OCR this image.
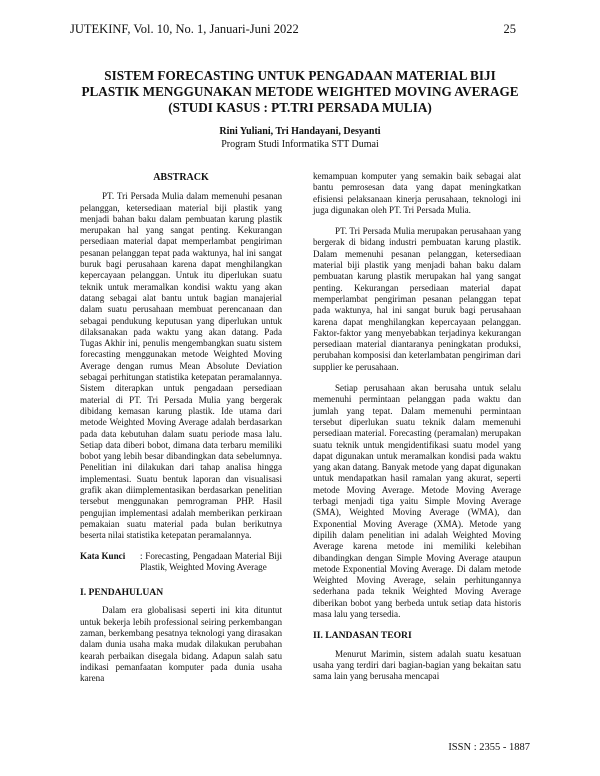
JUTEKINF, Vol. 10, No. 1, Januari-Juni 2022	25
SISTEM FORECASTING UNTUK PENGADAAN MATERIAL BIJI
PLASTIK MENGGUNAKAN METODE WEIGHTED MOVING AVERAGE
(STUDI KASUS : PT.TRI PERSADA MULIA)
Rini Yuliani, Tri Handayani, Desyanti
Program Studi Informatika STT Dumai
ABSTRACK

PT. Tri Persada Mulia dalam memenuhi pesanan pelanggan, ketersediaan material biji plastik yang menjadi bahan baku dalam pembuatan karung plastik merupakan hal yang sangat penting. Kekurangan persediaan material dapat memperlambat pengiriman pesanan pelanggan tepat pada waktunya, hal ini sangat buruk bagi perusahaan karena dapat menghilangkan kepercayaan pelanggan. Untuk itu diperlukan suatu teknik untuk meramalkan kondisi waktu yang akan datang sebagai alat bantu untuk bagian manajerial dalam suatu perusahaan membuat perencanaan dan sebagai pendukung keputusan yang diperlukan untuk dilaksanakan pada waktu yang akan datang. Pada Tugas Akhir ini, penulis mengembangkan suatu sistem forecasting menggunakan metode Weighted Moving Average dengan rumus Mean Absolute Deviation sebagai perhitungan statistika ketepatan peramalannya. Sistem diterapkan untuk pengadaan persediaan material di PT. Tri Persada Mulia yang bergerak dibidang kemasan karung plastik. Ide utama dari metode Weighted Moving Average adalah berdasarkan pada data kebutuhan dalam suatu periode masa lalu. Setiap data diberi bobot, dimana data terbaru memiliki bobot yang lebih besar dibandingkan data sebelumnya. Penelitian ini dilakukan dari tahap analisa hingga implementasi. Suatu bentuk laporan dan visualisasi grafik akan diimplementasikan berdasarkan penelitian tersebut menggunakan pemrograman PHP. Hasil pengujian implementasi adalah memberikan perkiraan pemakaian suatu material pada bulan berikutnya beserta nilai statistika ketepatan peramalannya.

Kata Kunci	: Forecasting, Pengadaan Material Biji Plastik, Weighted Moving Average
I. PENDAHULUAN

Dalam era globalisasi seperti ini kita dituntut untuk bekerja lebih professional seiring perkembangan zaman, berkembang pesatnya teknologi yang dirasakan dalam dunia usaha maka mudak dilakukan perubahan kearah perbaikan disegala bidang. Adapun salah satu indikasi pemanfaatan komputer pada dunia usaha karena

kemampuan komputer yang semakin baik sebagai alat bantu pemrosesan data yang dapat meningkatkan efisiensi pelaksanaan kinerja perusahaan, teknologi ini juga digunakan oleh PT. Tri Persada Mulia.

PT. Tri Persada Mulia merupakan perusahaan yang bergerak di bidang industri pembuatan karung plastik. Dalam memenuhi pesanan pelanggan, ketersediaan material biji plastik yang menjadi bahan baku dalam pembuatan karung plastik merupakan hal yang sangat penting. Kekurangan persediaan material dapat memperlambat pengiriman pesanan pelanggan tepat pada waktunya, hal ini sangat buruk bagi perusahaan karena dapat menghilangkan kepercayaan pelanggan. Faktor-faktor yang menyebabkan terjadinya kekurangan persediaan material diantaranya peningkatan produksi, perubahan komposisi dan keterlambatan pengiriman dari supplier ke perusahaan.

Setiap perusahaan akan berusaha untuk selalu memenuhi permintaan pelanggan pada waktu dan jumlah yang tepat. Dalam memenuhi permintaan tersebut diperlukan suatu teknik dalam memenuhi persediaan material. Forecasting (peramalan) merupakan suatu teknik untuk mengidentifikasi suatu model yang dapat digunakan untuk meramalkan kondisi pada waktu yang akan datang. Banyak metode yang dapat digunakan untuk mendapatkan hasil ramalan yang akurat, seperti metode Moving Average. Metode Moving Average terbagi menjadi tiga yaitu Simple Moving Average (SMA), Weighted Moving Average (WMA), dan Exponential Moving Average (XMA). Metode yang dipilih dalam penelitian ini adalah Weighted Moving Average karena metode ini memiliki kelebihan dibandingkan dengan Simple Moving Average ataupun metode Exponential Moving Average. Di dalam metode Weighted Moving Average, selain perhitungannya sederhana pada teknik Weighted Moving Average diberikan bobot yang berbeda untuk setiap data historis masa lalu yang tersedia.

II. LANDASAN TEORI

Menurut Marimin, sistem adalah suatu kesatuan usaha yang terdiri dari bagian-bagian yang bekaitan satu sama lain yang berusaha mencapai

ISSN : 2355 - 1887
